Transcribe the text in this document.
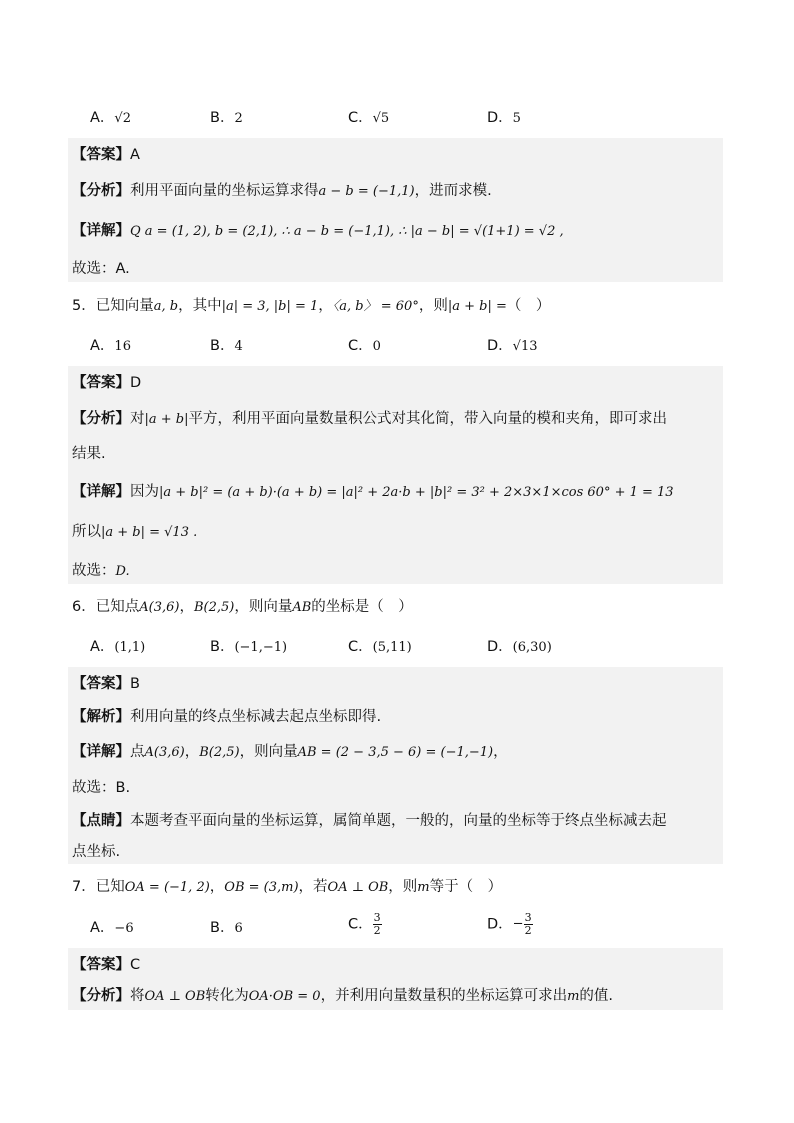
A．√2	B．2	C．√5	D．5
【答案】A
【分析】利用平面向量的坐标运算求得a − b = (−1,1)，进而求模.
【详解】Q a = (1, 2), b = (2,1), ∴ a − b = (−1,1), ∴ |a − b| = √(1+1) = √2 ,
故选：A.
5．已知向量a, b，其中|a| = 3, |b| = 1，〈a, b〉 = 60°，则|a + b| =（　）
A．16	B．4	C．0	D．√13
【答案】D
【分析】对|a + b|平方，利用平面向量数量积公式对其化简，带入向量的模和夹角，即可求出
结果.
【详解】因为|a + b|² = (a + b)·(a + b) = |a|² + 2a·b + |b|² = 3² + 2×3×1×cos 60° + 1 = 13
所以|a + b| = √13 .
故选：D.
6．已知点A(3,6)，B(2,5)，则向量AB的坐标是（　）
A．(1,1)	B．(−1,−1)	C．(5,11)	D．(6,30)
【答案】B
【解析】利用向量的终点坐标减去起点坐标即得.
【详解】点A(3,6)，B(2,5)，则向量AB = (2 − 3,5 − 6) = (−1,−1)，
故选：B.
【点睛】本题考查平面向量的坐标运算，属简单题，一般的，向量的坐标等于终点坐标减去起
点坐标.
7．已知OA = (−1, 2)，OB = (3,m)，若OA ⊥ OB，则m等于（　）
A．−6	B．6	C． $\frac{3}{2}$	D．− $\frac{3}{2}$
【答案】C
【分析】将OA ⊥ OB转化为OA·OB = 0，并利用向量数量积的坐标运算可求出m的值.
